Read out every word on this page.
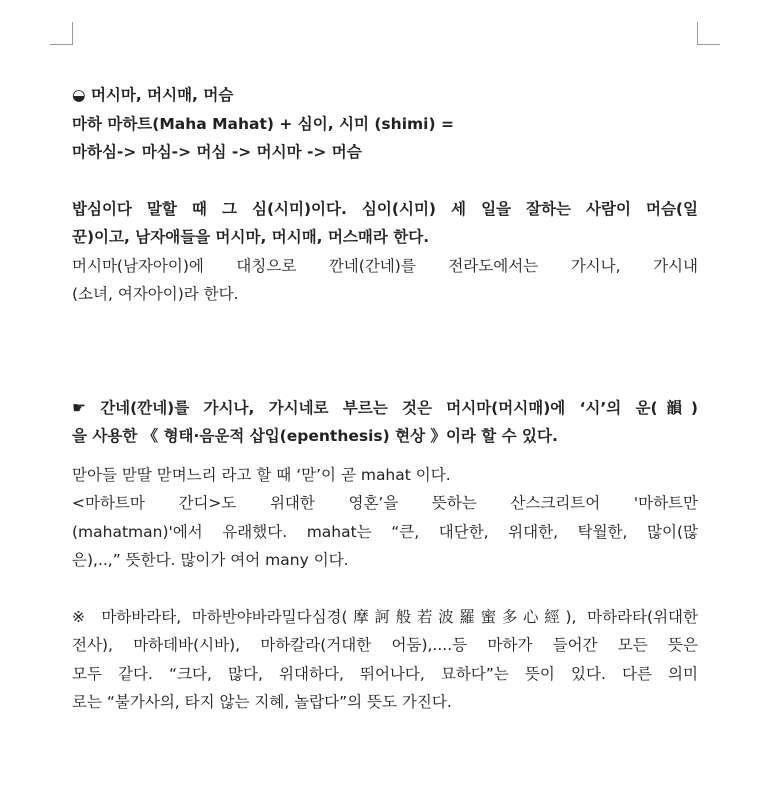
◒ 머시마, 머시매, 머슴
마하 마하트(Maha Mahat) + 심이, 시미 (shimi) =
마하심-> 마심-> 머심 -> 머시마 -> 머슴
밥심이다 말할 때 그 심(시미)이다. 심이(시미) 세 일을 잘하는 사람이 머슴(일
꾼)이고, 남자애들을 머시마, 머시매, 머스매라 한다.
머시마(남자아이)에 대칭으로 깐네(간네)를 전라도에서는 가시나, 가시내
(소녀, 여자아이)라 한다.
☛ 간네(깐네)를 가시나, 가시네로 부르는 것은 머시마(머시매)에 ‘시’의 운(韻)
을 사용한 《 형태·음운적 삽입(epenthesis) 현상 》이라 할 수 있다.
맏아들 맏딸 맏며느리 라고 할 때 ‘맏’이 곧 mahat 이다.
<마하트마 간디>도 위대한 영혼’을 뜻하는 산스크리트어 '마하트만
(mahatman)'에서 유래했다. mahat는 “큰, 대단한, 위대한, 탁월한, 많이(많
은),..,” 뜻한다. 많이가 여어 many 이다.
※ 마하바라타, 마하반야바라밀다심경(摩訶般若波羅蜜多心經), 마하라타(위대한
전사), 마하데바(시바), 마하칼라(거대한 어둠),....등 마하가 들어간 모든 뜻은
모두 같다. “크다, 많다, 위대하다, 뛰어나다, 묘하다”는 뜻이 있다. 다른 의미
로는 “불가사의, 타지 않는 지혜, 놀랍다”의 뜻도 가진다.
